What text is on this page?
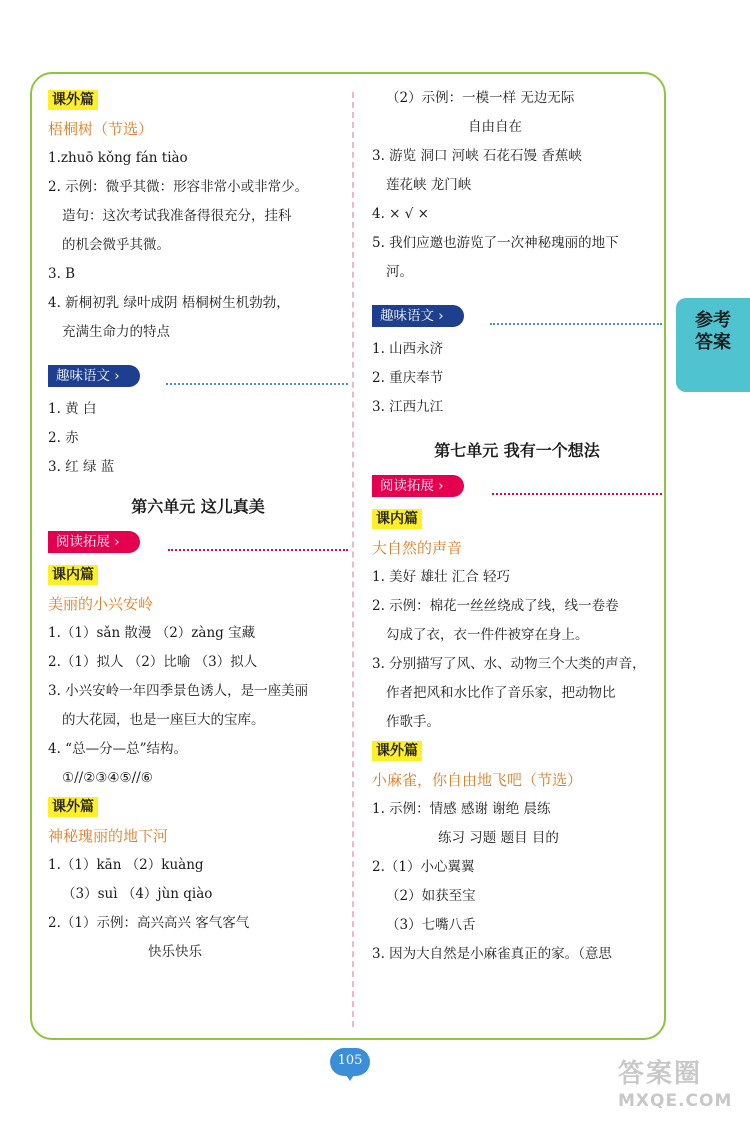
课外篇
梧桐树（节选）
1.zhuō kǒng fán tiào
2. 示例：微乎其微：形容非常小或非常少。
造句：这次考试我准备得很充分，挂科
的机会微乎其微。
3. B
4. 新桐初乳 绿叶成阴 梧桐树生机勃勃，
充满生命力的特点
趣味语文 ›
1. 黄 白
2. 赤
3. 红 绿 蓝
第六单元 这儿真美
阅读拓展 ›
课内篇
美丽的小兴安岭
1.（1）sǎn 散漫 （2）zàng 宝藏
2.（1）拟人 （2）比喻 （3）拟人
3. 小兴安岭一年四季景色诱人，是一座美丽
的大花园，也是一座巨大的宝库。
4. “总—分—总”结构。
①//②③④⑤//⑥
课外篇
神秘瑰丽的地下河
1.（1）kān （2）kuàng
（3）suì （4）jùn qiào
2.（1）示例：高兴高兴 客气客气
快乐快乐
（2）示例：一模一样 无边无际
自由自在
3. 游览 洞口 河峡 石花石馒 香蕉峡
莲花峡 龙门峡
4. × √ ×
5. 我们应邀也游览了一次神秘瑰丽的地下
河。
趣味语文 ›
1. 山西永济
2. 重庆奉节
3. 江西九江
第七单元 我有一个想法
阅读拓展 ›
课内篇
大自然的声音
1. 美好 雄壮 汇合 轻巧
2. 示例：棉花一丝丝绕成了线，线一卷卷
勾成了衣，衣一件件被穿在身上。
3. 分别描写了风、水、动物三个大类的声音，
作者把风和水比作了音乐家，把动物比
作歌手。
课外篇
小麻雀，你自由地飞吧（节选）
1. 示例：情感 感谢 谢绝 晨练
练习 习题 题目 目的
2.（1）小心翼翼
（2）如获至宝
（3）七嘴八舌
3. 因为大自然是小麻雀真正的家。（意思
参考答案
105	答案圈
MXQE.COM
